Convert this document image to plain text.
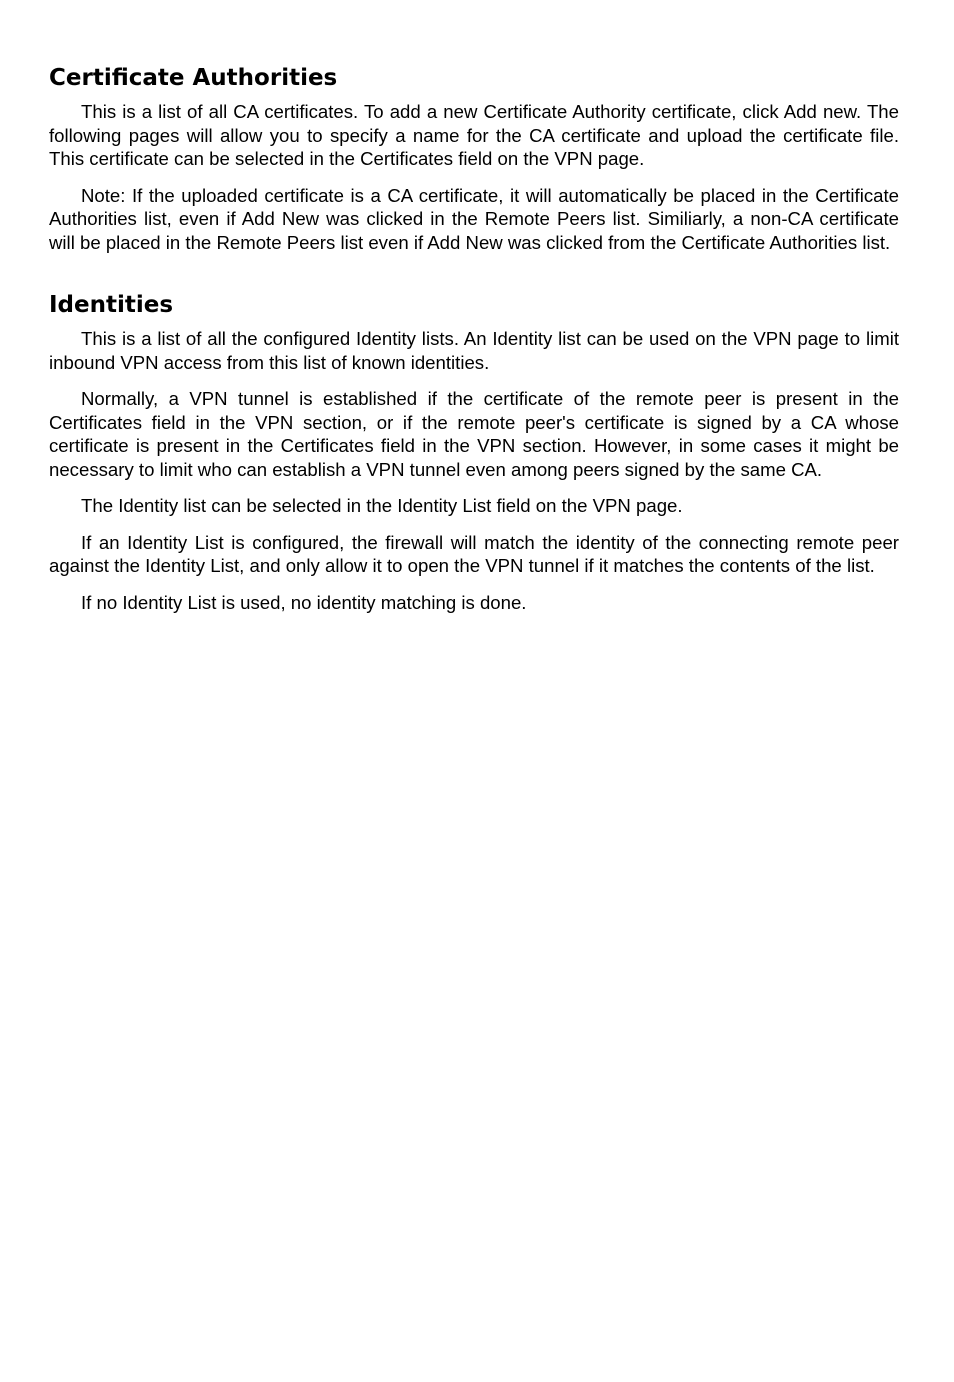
Certificate Authorities

This is a list of all CA certificates. To add a new Certificate Authority certificate, click Add new. The following pages will allow you to specify a name for the CA certificate and upload the certificate file. This certificate can be selected in the Certificates field on the VPN page.

Note: If the uploaded certificate is a CA certificate, it will automatically be placed in the Certificate Authorities list, even if Add New was clicked in the Remote Peers list. Similiarly, a non-CA certificate will be placed in the Remote Peers list even if Add New was clicked from the Certificate Authorities list.

Identities

This is a list of all the configured Identity lists. An Identity list can be used on the VPN page to limit inbound VPN access from this list of known identities.

Normally, a VPN tunnel is established if the certificate of the remote peer is present in the Certificates field in the VPN section, or if the remote peer's certificate is signed by a CA whose certificate is present in the Certificates field in the VPN section. However, in some cases it might be necessary to limit who can establish a VPN tunnel even among peers signed by the same CA.

The Identity list can be selected in the Identity List field on the VPN page.

If an Identity List is configured, the firewall will match the identity of the connecting remote peer against the Identity List, and only allow it to open the VPN tunnel if it matches the contents of the list.

If no Identity List is used, no identity matching is done.
